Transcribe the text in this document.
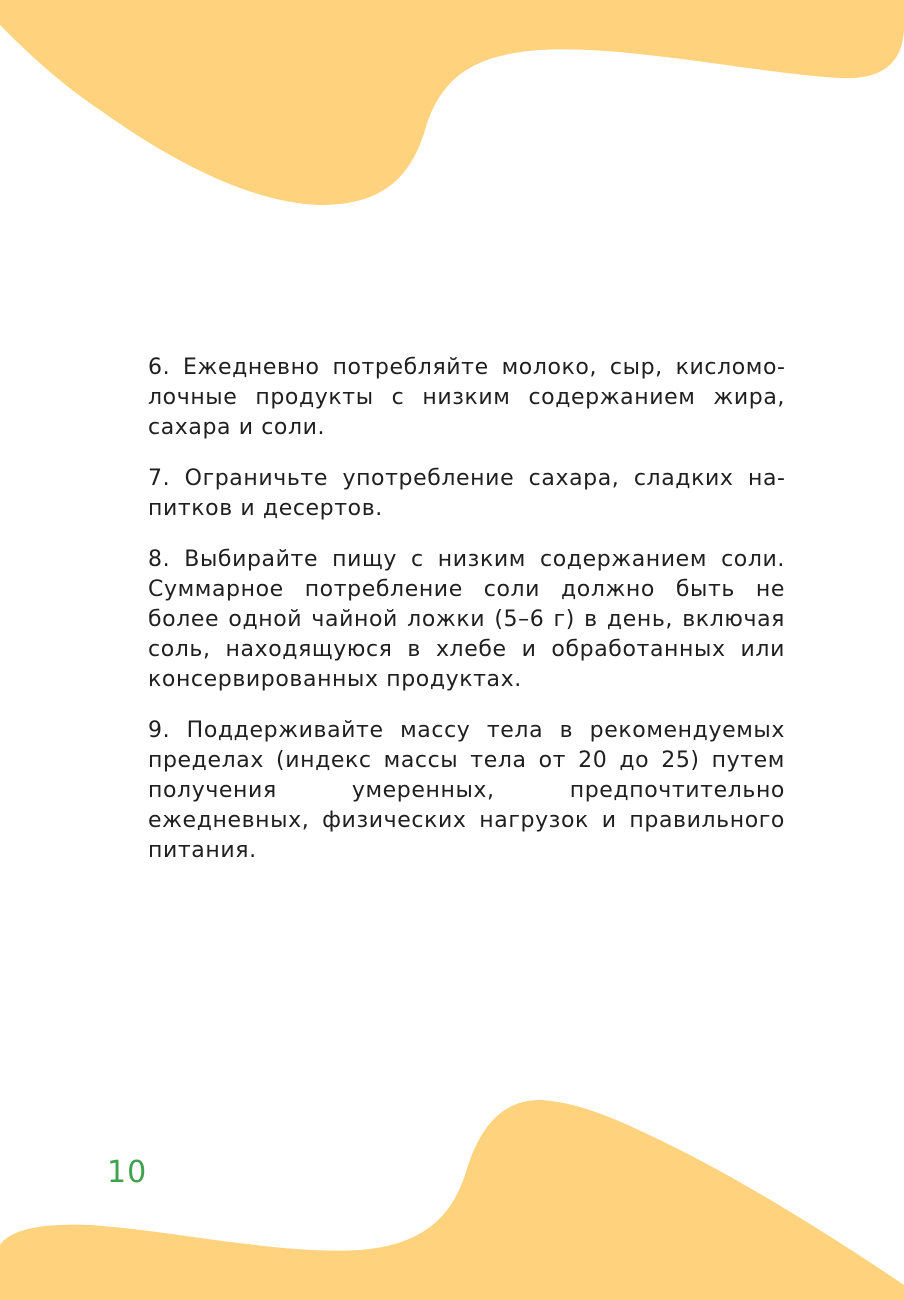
6. Ежедневно потребляйте молоко, сыр, кисломолочные продукты с низким содержанием жира, сахара и соли.

7. Ограничьте употребление сахара, сладких напитков и десертов.

8. Выбирайте пищу с низким содержанием соли. Суммарное потребление соли должно быть не более одной чайной ложки (5–6 г) в день, включая соль, находящуюся в хлебе и обработанных или консервированных продуктах.

9. Поддерживайте массу тела в рекомендуемых пределах (индекс массы тела от 20 до 25) путем получения умеренных, предпочтительно ежедневных, физических нагрузок и правильного питания.

10
